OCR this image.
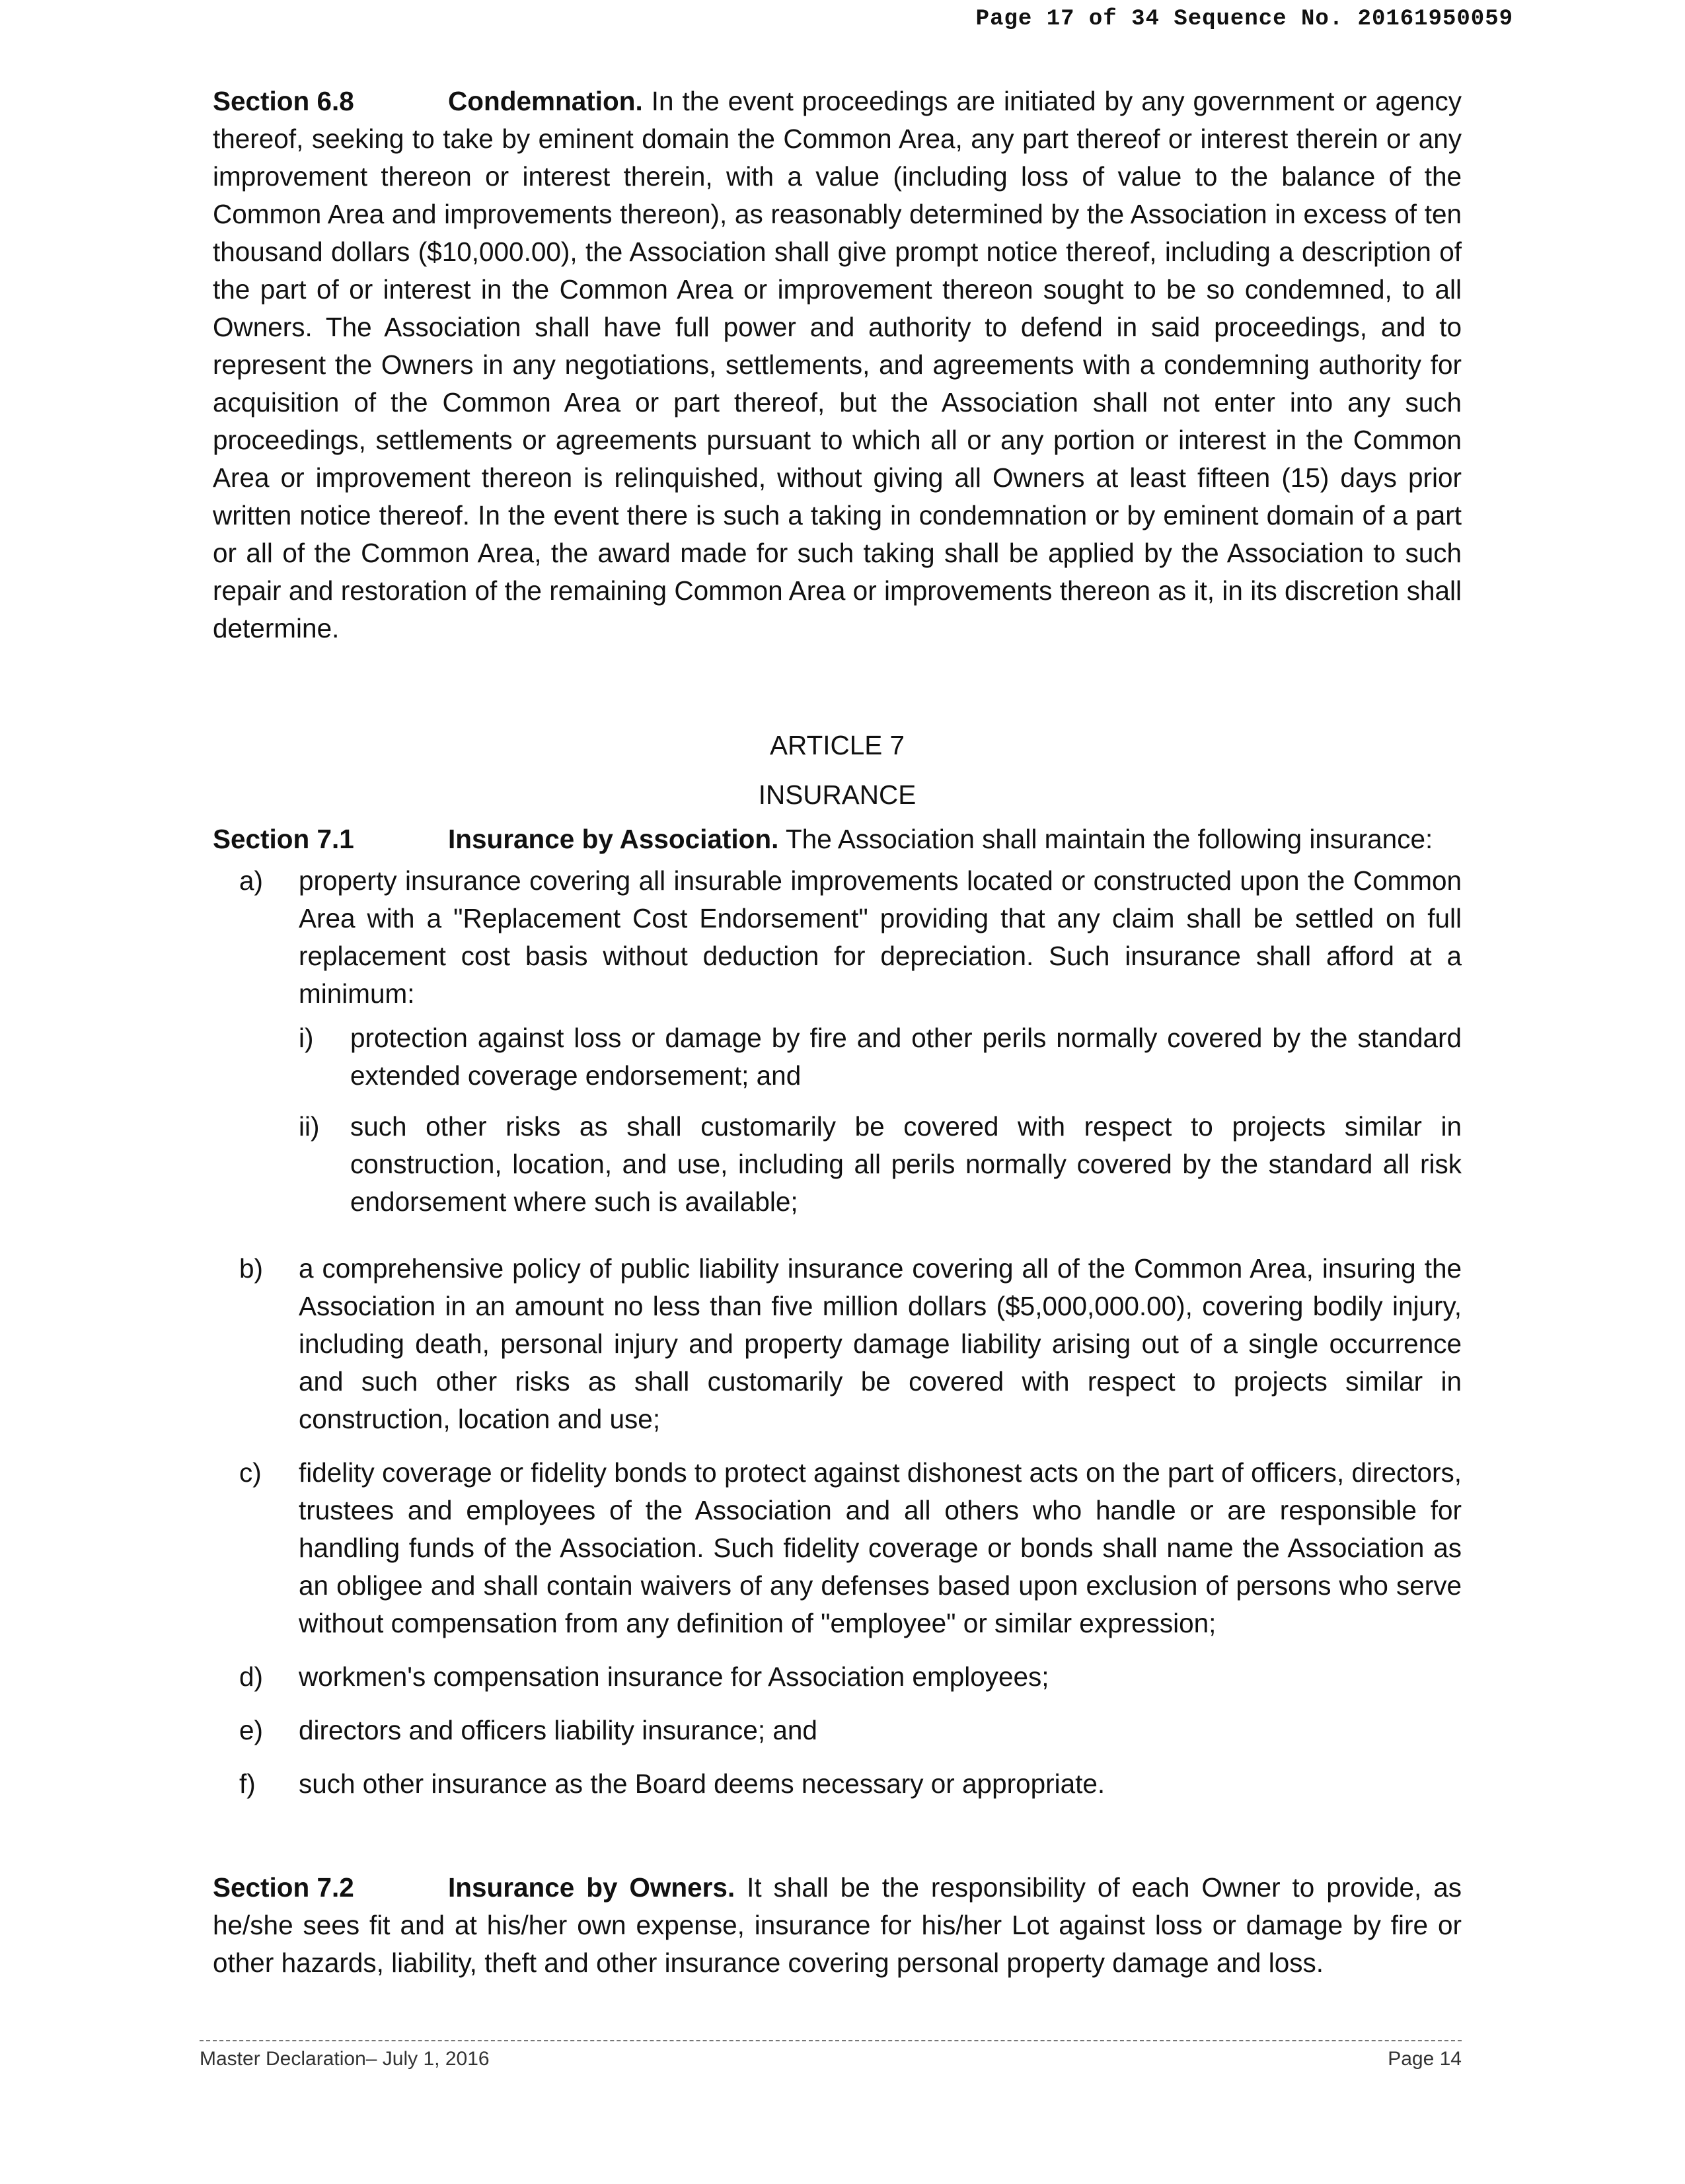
Page 17 of 34 Sequence No. 20161950059

Section 6.8	Condemnation. In the event proceedings are initiated by any government or agency thereof, seeking to take by eminent domain the Common Area, any part thereof or interest therein or any improvement thereon or interest therein, with a value (including loss of value to the balance of the Common Area and improvements thereon), as reasonably determined by the Association in excess of ten thousand dollars ($10,000.00), the Association shall give prompt notice thereof, including a description of the part of or interest in the Common Area or improvement thereon sought to be so condemned, to all Owners. The Association shall have full power and authority to defend in said proceedings, and to represent the Owners in any negotiations, settlements, and agreements with a condemning authority for acquisition of the Common Area or part thereof, but the Association shall not enter into any such proceedings, settlements or agreements pursuant to which all or any portion or interest in the Common Area or improvement thereon is relinquished, without giving all Owners at least fifteen (15) days prior written notice thereof. In the event there is such a taking in condemnation or by eminent domain of a part or all of the Common Area, the award made for such taking shall be applied by the Association to such repair and restoration of the remaining Common Area or improvements thereon as it, in its discretion shall determine.

ARTICLE 7

INSURANCE

Section 7.1	Insurance by Association. The Association shall maintain the following insurance:

a)	property insurance covering all insurable improvements located or constructed upon the Common Area with a "Replacement Cost Endorsement" providing that any claim shall be settled on full replacement cost basis without deduction for depreciation. Such insurance shall afford at a minimum:
i)	protection against loss or damage by fire and other perils normally covered by the standard extended coverage endorsement; and
ii)	such other risks as shall customarily be covered with respect to projects similar in construction, location, and use, including all perils normally covered by the standard all risk endorsement where such is available;
b)	a comprehensive policy of public liability insurance covering all of the Common Area, insuring the Association in an amount no less than five million dollars ($5,000,000.00), covering bodily injury, including death, personal injury and property damage liability arising out of a single occurrence and such other risks as shall customarily be covered with respect to projects similar in construction, location and use;
c)	fidelity coverage or fidelity bonds to protect against dishonest acts on the part of officers, directors, trustees and employees of the Association and all others who handle or are responsible for handling funds of the Association. Such fidelity coverage or bonds shall name the Association as an obligee and shall contain waivers of any defenses based upon exclusion of persons who serve without compensation from any definition of "employee" or similar expression;
d)	workmen's compensation insurance for Association employees;
e)	directors and officers liability insurance; and
f)	such other insurance as the Board deems necessary or appropriate.

Section 7.2	Insurance by Owners. It shall be the responsibility of each Owner to provide, as he/she sees fit and at his/her own expense, insurance for his/her Lot against loss or damage by fire or other hazards, liability, theft and other insurance covering personal property damage and loss.

Master Declaration– July 1, 2016	Page 14
